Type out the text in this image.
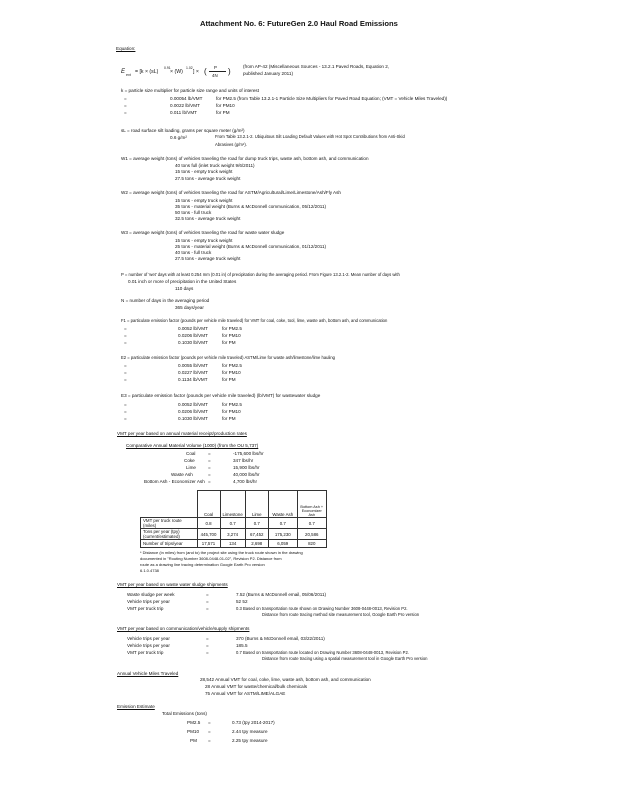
Attachment No. 6: FutureGen 2.0 Haul Road Emissions
Equation:
E ext = [k × (sL)
0.91
× (W)
1.02
] × (	)
P
4N
(from AP-42 (Miscellaneous Sources - 13.2.1 Paved Roads, Equation 2,
published January 2011)
k = particle size multiplier for particle size range and units of interest
=	0.00054 lb/VMT	for PM2.5 (from Table 13.2.1-1 Particle Size Multipliers for Paved Road Equation; (VMT = Vehicle Miles Traveled))
=	0.0022 lb/VMT	for PM10
=	0.011 lb/VMT	for PM
sL = road surface silt loading, grams per square meter (g/m²)
0.6 g/m²	From Table 13.2.1-2. Ubiquitous Silt Loading Default Values with Hot Spot Contributions from Anti-Skid
Abrasives (g/m²).
W1 = average weight (tons) of vehicles traveling the road for dump truck trips, waste ash, bottom ash, and communication
40 tons full (inlet truck weight 9/6/2011)
15 tons - empty truck weight
27.5 tons - average truck weight
W2 = average weight (tons) of vehicles traveling the road for ASTM/Agricultural/Lime/Limestone/Ash/Fly Ash
15 tons - empty truck weight
35 tons - material weight (Burns & McDonnell communication, 05/12/2011)
50 tons - full truck
32.5 tons - average truck weight
W3 = average weight (tons) of vehicles traveling the road for waste water sludge
15 tons - empty truck weight
25 tons - material weight (Burns & McDonnell communication, 01/12/2011)
40 tons - full truck
27.5 tons - average truck weight
P = number of 'wet' days with at least 0.254 mm (0.01 in) of precipitation during the averaging period. From Figure 13.2.1-2. Mean number of days with
0.01 inch or more of precipitation in the United States
110 days
N = number of days in the averaging period
365 days/year
F1 = particulate emission factor (pounds per vehicle mile traveled) for VMT for coal, coke, tool, lime, waste ash, bottom ash, and communication
=	0.0052 lb/VMT	for PM2.5
=	0.0206 lb/VMT	for PM10
=	0.1030 lb/VMT	for PM
E2 = particulate emission factor (pounds per vehicle mile traveled) ASTM/Lime for waste ash/limestone/lime hauling
=	0.0055 lb/VMT	for PM2.5
=	0.0227 lb/VMT	for PM10
=	0.1134 lb/VMT	for PM
E3 = particulate emission factor (pounds per vehicle mile traveled) (lb/VMT) for wastewater sludge
=	0.0052 lb/VMT	for PM2.5
=	0.0206 lb/VMT	for PM10
=	0.1030 lb/VMT	for PM
VMT per year based on annual material receipt/production rates
Comparative Annual Material Volume (1000) (from the OU 5,737)
Coal	=	-175,600 lbs/hr
Coke	=	347 lbs/hr
Lime	=	15,900 lbs/hr
Waste Ash	=	40,000 lbs/hr
Bottom Ash - Economizer Ash =	4,700 lbs/hr
	Coal	Limestone	Lime	Waste Ash	Bottom Ash + Economizer Ash
VMT per truck route (miles)	0.8	0.7	0.7	0.7	0.7
Tons per year (tpy) (current/estimated)	445,700	3,274	67,452	175,230	20,586
Number of trips/year	17,571	134	2,698	6,059	820
* Distance (in miles) from (and to) the project site using the truck route shown in the drawing
documented in "Routing Number 3608-0448-01-02", Revision P2. Distance from
route as a drawing line tracing determination Google Earth Pro version
6.1.0.4738
VMT per year based on waste water sludge shipments
Waste sludge per week	=	7.52 (Burns & McDonnell email, 05/06/2011)
Vehicle trips per year	=	52 52
VMT per truck trip	=	0.3 Based on transportation route shown on Drawing Number 3608-0448-0013, Revision P2.
Distance from route tracing method site measurement tool, Google Earth Pro version
VMT per year based on communication/vehicle/supply shipments
Vehicle trips per year	=	370 (Burns & McDonnell email, 03/22/2011)
Vehicle trips per year	=	185.5
VMT per truck trip	=	0.7 Based on transportation route located on Drawing Number 3608-0448-0013, Revision P2.
Distance from route tracing using a spatial measurement tool in Google Earth Pro version
Annual Vehicle Miles Traveled
28,542 Annual VMT for coal, coke, lime, waste ash, bottom ash, and communication
28 Annual VMT for waste/chemical/bulk chemicals
75 Annual VMT for ASTM/LIME/ALGAE
Emission Estimate
Total Emissions (tons)
PM2.5 =	0.73 (tpy 2014-2017)
PM10 =	2.44 tpy measure
PM =	2.25 tpy measure
